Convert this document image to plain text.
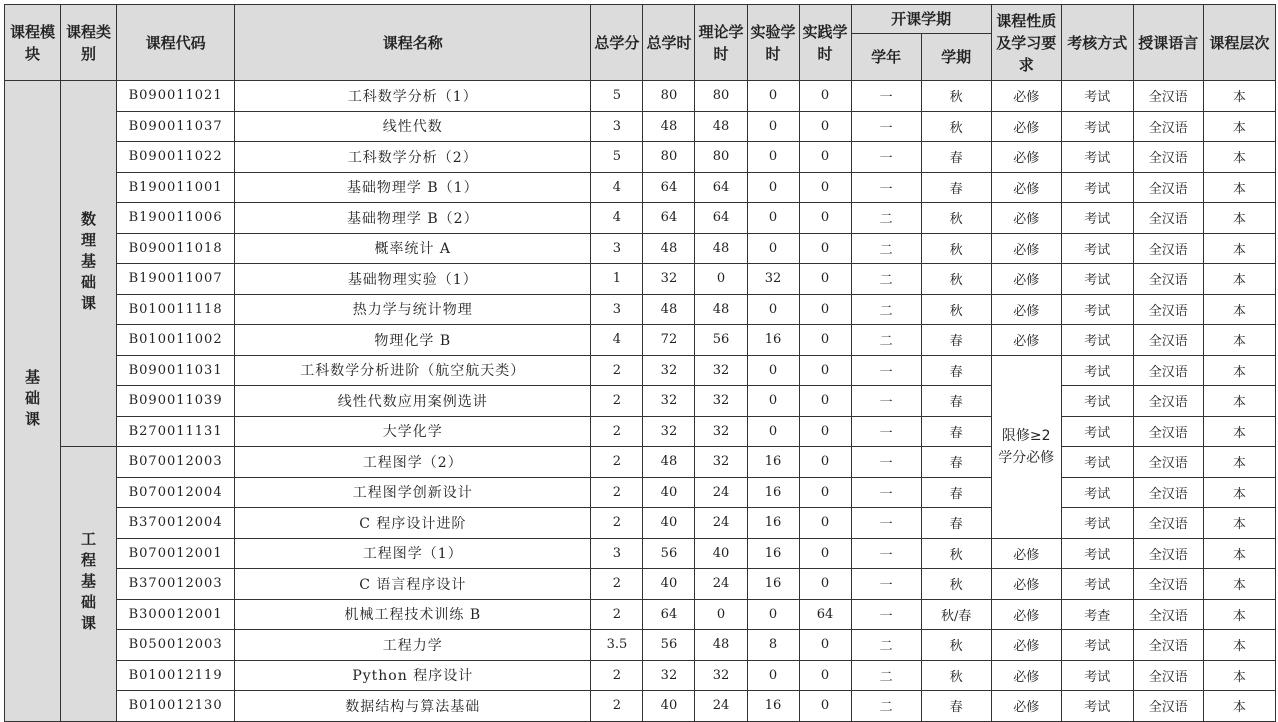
课程模块	课程类别	课程代码	课程名称	总学分	总学时	理论学时	实验学时	实践学时	开课学期		课程性质及学习要求	考核方式	授课语言	课程层次
									学年	学期				
基础课	数理基础课	B090011021	工科数学分析（1）	5	80	80	0	0	一	秋	必修	考试	全汉语	本
		B090011037	线性代数	3	48	48	0	0	一	秋	必修	考试	全汉语	本
		B090011022	工科数学分析（2）	5	80	80	0	0	一	春	必修	考试	全汉语	本
		B190011001	基础物理学 B（1）	4	64	64	0	0	一	春	必修	考试	全汉语	本
		B190011006	基础物理学 B（2）	4	64	64	0	0	二	秋	必修	考试	全汉语	本
		B090011018	概率统计 A	3	48	48	0	0	二	秋	必修	考试	全汉语	本
		B190011007	基础物理实验（1）	1	32	0	32	0	二	秋	必修	考试	全汉语	本
		B010011118	热力学与统计物理	3	48	48	0	0	二	秋	必修	考试	全汉语	本
		B010011002	物理化学 B	4	72	56	16	0	二	春	必修	考试	全汉语	本
		B090011031	工科数学分析进阶（航空航天类）	2	32	32	0	0	一	春	限修≥2学分必修	考试	全汉语	本
		B090011039	线性代数应用案例选讲	2	32	32	0	0	一	春		考试	全汉语	本
		B270011131	大学化学	2	32	32	0	0	一	春		考试	全汉语	本
	工程基础课	B070012003	工程图学（2）	2	48	32	16	0	一	春		考试	全汉语	本
		B070012004	工程图学创新设计	2	40	24	16	0	一	春		考试	全汉语	本
		B370012004	C 程序设计进阶	2	40	24	16	0	一	春		考试	全汉语	本
		B070012001	工程图学（1）	3	56	40	16	0	一	秋	必修	考试	全汉语	本
		B370012003	C 语言程序设计	2	40	24	16	0	一	秋	必修	考试	全汉语	本
		B300012001	机械工程技术训练 B	2	64	0	0	64	一	秋/春	必修	考查	全汉语	本
		B050012003	工程力学	3.5	56	48	8	0	二	秋	必修	考试	全汉语	本
		B010012119	Python 程序设计	2	32	32	0	0	二	秋	必修	考试	全汉语	本
		B010012130	数据结构与算法基础	2	40	24	16	0	二	春	必修	考试	全汉语	本
